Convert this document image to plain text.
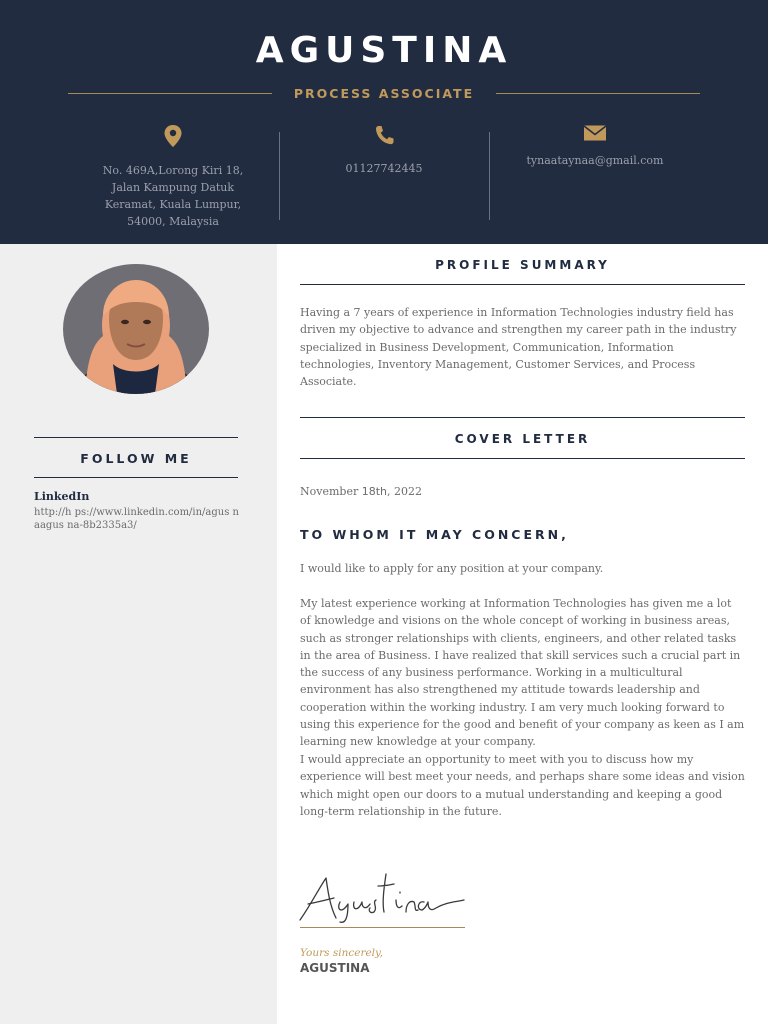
AGUSTINA
PROCESS ASSOCIATE
No. 469A,Lorong Kiri 18,
Jalan Kampung Datuk
Keramat, Kuala Lumpur,
54000, Malaysia
01127742445
tynaataynaa@gmail.com
FOLLOW ME
LinkedIn
http://h ps://www.linkedin.com/in/agus naagus na-8b2335a3/
PROFILE SUMMARY
Having a 7 years of experience in Information Technologies industry field has driven my objective to advance and strengthen my career path in the industry specialized in Business Development, Communication, Information technologies, Inventory Management, Customer Services, and Process Associate.
COVER LETTER
November 18th, 2022
TO WHOM IT MAY CONCERN,
I would like to apply for any position at your company.
My latest experience working at Information Technologies has given me a lot of knowledge and visions on the whole concept of working in business areas, such as stronger relationships with clients, engineers, and other related tasks in the area of Business. I have realized that skill services such a crucial part in the success of any business performance. Working in a multicultural environment has also strengthened my attitude towards leadership and cooperation within the working industry. I am very much looking forward to using this experience for the good and benefit of your company as keen as I am learning new knowledge at your company.
I would appreciate an opportunity to meet with you to discuss how my experience will best meet your needs, and perhaps share some ideas and vision which might open our doors to a mutual understanding and keeping a good long-term relationship in the future.
Yours sincerely,
AGUSTINA
